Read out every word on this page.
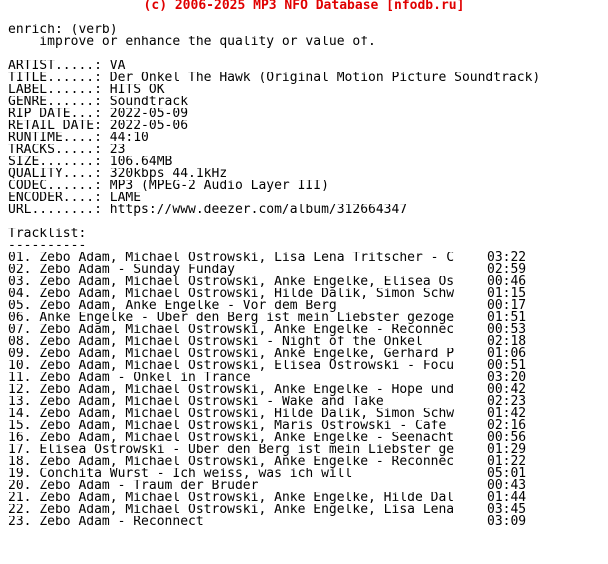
(c) 2006-2025 MP3 NFO Database [nfodb.ru]
enrich: (verb)
improve or enhance the quality or value of.
ARTIST.....: VA
TITLE......: Der Onkel The Hawk (Original Motion Picture Soundtrack)
LABEL......: HITS OK
GENRE......: Soundtrack
RIP DATE...: 2022-05-09
RETAIL DATE: 2022-05-06
RUNTIME....: 44:10
TRACKS.....: 23
SIZE.......: 106.64MB
QUALITY....: 320kbps 44.1kHz
CODEC......: MP3 (MPEG-2 Audio Layer III)
ENCODER....: LAME
URL........: https://www.deezer.com/album/312664347
Tracklist:
----------
01. Zebo Adam, Michael Ostrowski, Lisa Lena Tritscher - C	03:22
02. Zebo Adam - Sunday Funday	02:59
03. Zebo Adam, Michael Ostrowski, Anke Engelke, Elisea Os	00:46
04. Zebo Adam, Michael Ostrowski, Hilde Dalik, Simon Schw	01:15
05. Zebo Adam, Anke Engelke - Vor dem Berg	00:17
06. Anke Engelke - Uber den Berg ist mein Liebster gezoge	01:51
07. Zebo Adam, Michael Ostrowski, Anke Engelke - Reconnec	00:53
08. Zebo Adam, Michael Ostrowski - Night of the Onkel	02:18
09. Zebo Adam, Michael Ostrowski, Anke Engelke, Gerhard P	01:06
10. Zebo Adam, Michael Ostrowski, Elisea Ostrowski - Focu	00:51
11. Zebo Adam - Onkel in Trance	03:20
12. Zebo Adam, Michael Ostrowski, Anke Engelke - Hope und	00:42
13. Zebo Adam, Michael Ostrowski - Wake and Take	02:23
14. Zebo Adam, Michael Ostrowski, Hilde Dalik, Simon Schw	01:42
15. Zebo Adam, Michael Ostrowski, Maris Ostrowski - Cafe	02:16
16. Zebo Adam, Michael Ostrowski, Anke Engelke - Seenacht	00:56
17. Elisea Ostrowski - Uber den Berg ist mein Liebster ge	01:29
18. Zebo Adam, Michael Ostrowski, Anke Engelke - Reconnec	01:22
19. Conchita Wurst - Ich weiss, was ich will	05:01
20. Zebo Adam - Traum der Bruder	00:43
21. Zebo Adam, Michael Ostrowski, Anke Engelke, Hilde Dal	01:44
22. Zebo Adam, Michael Ostrowski, Anke Engelke, Lisa Lena	03:45
23. Zebo Adam - Reconnect	03:09
